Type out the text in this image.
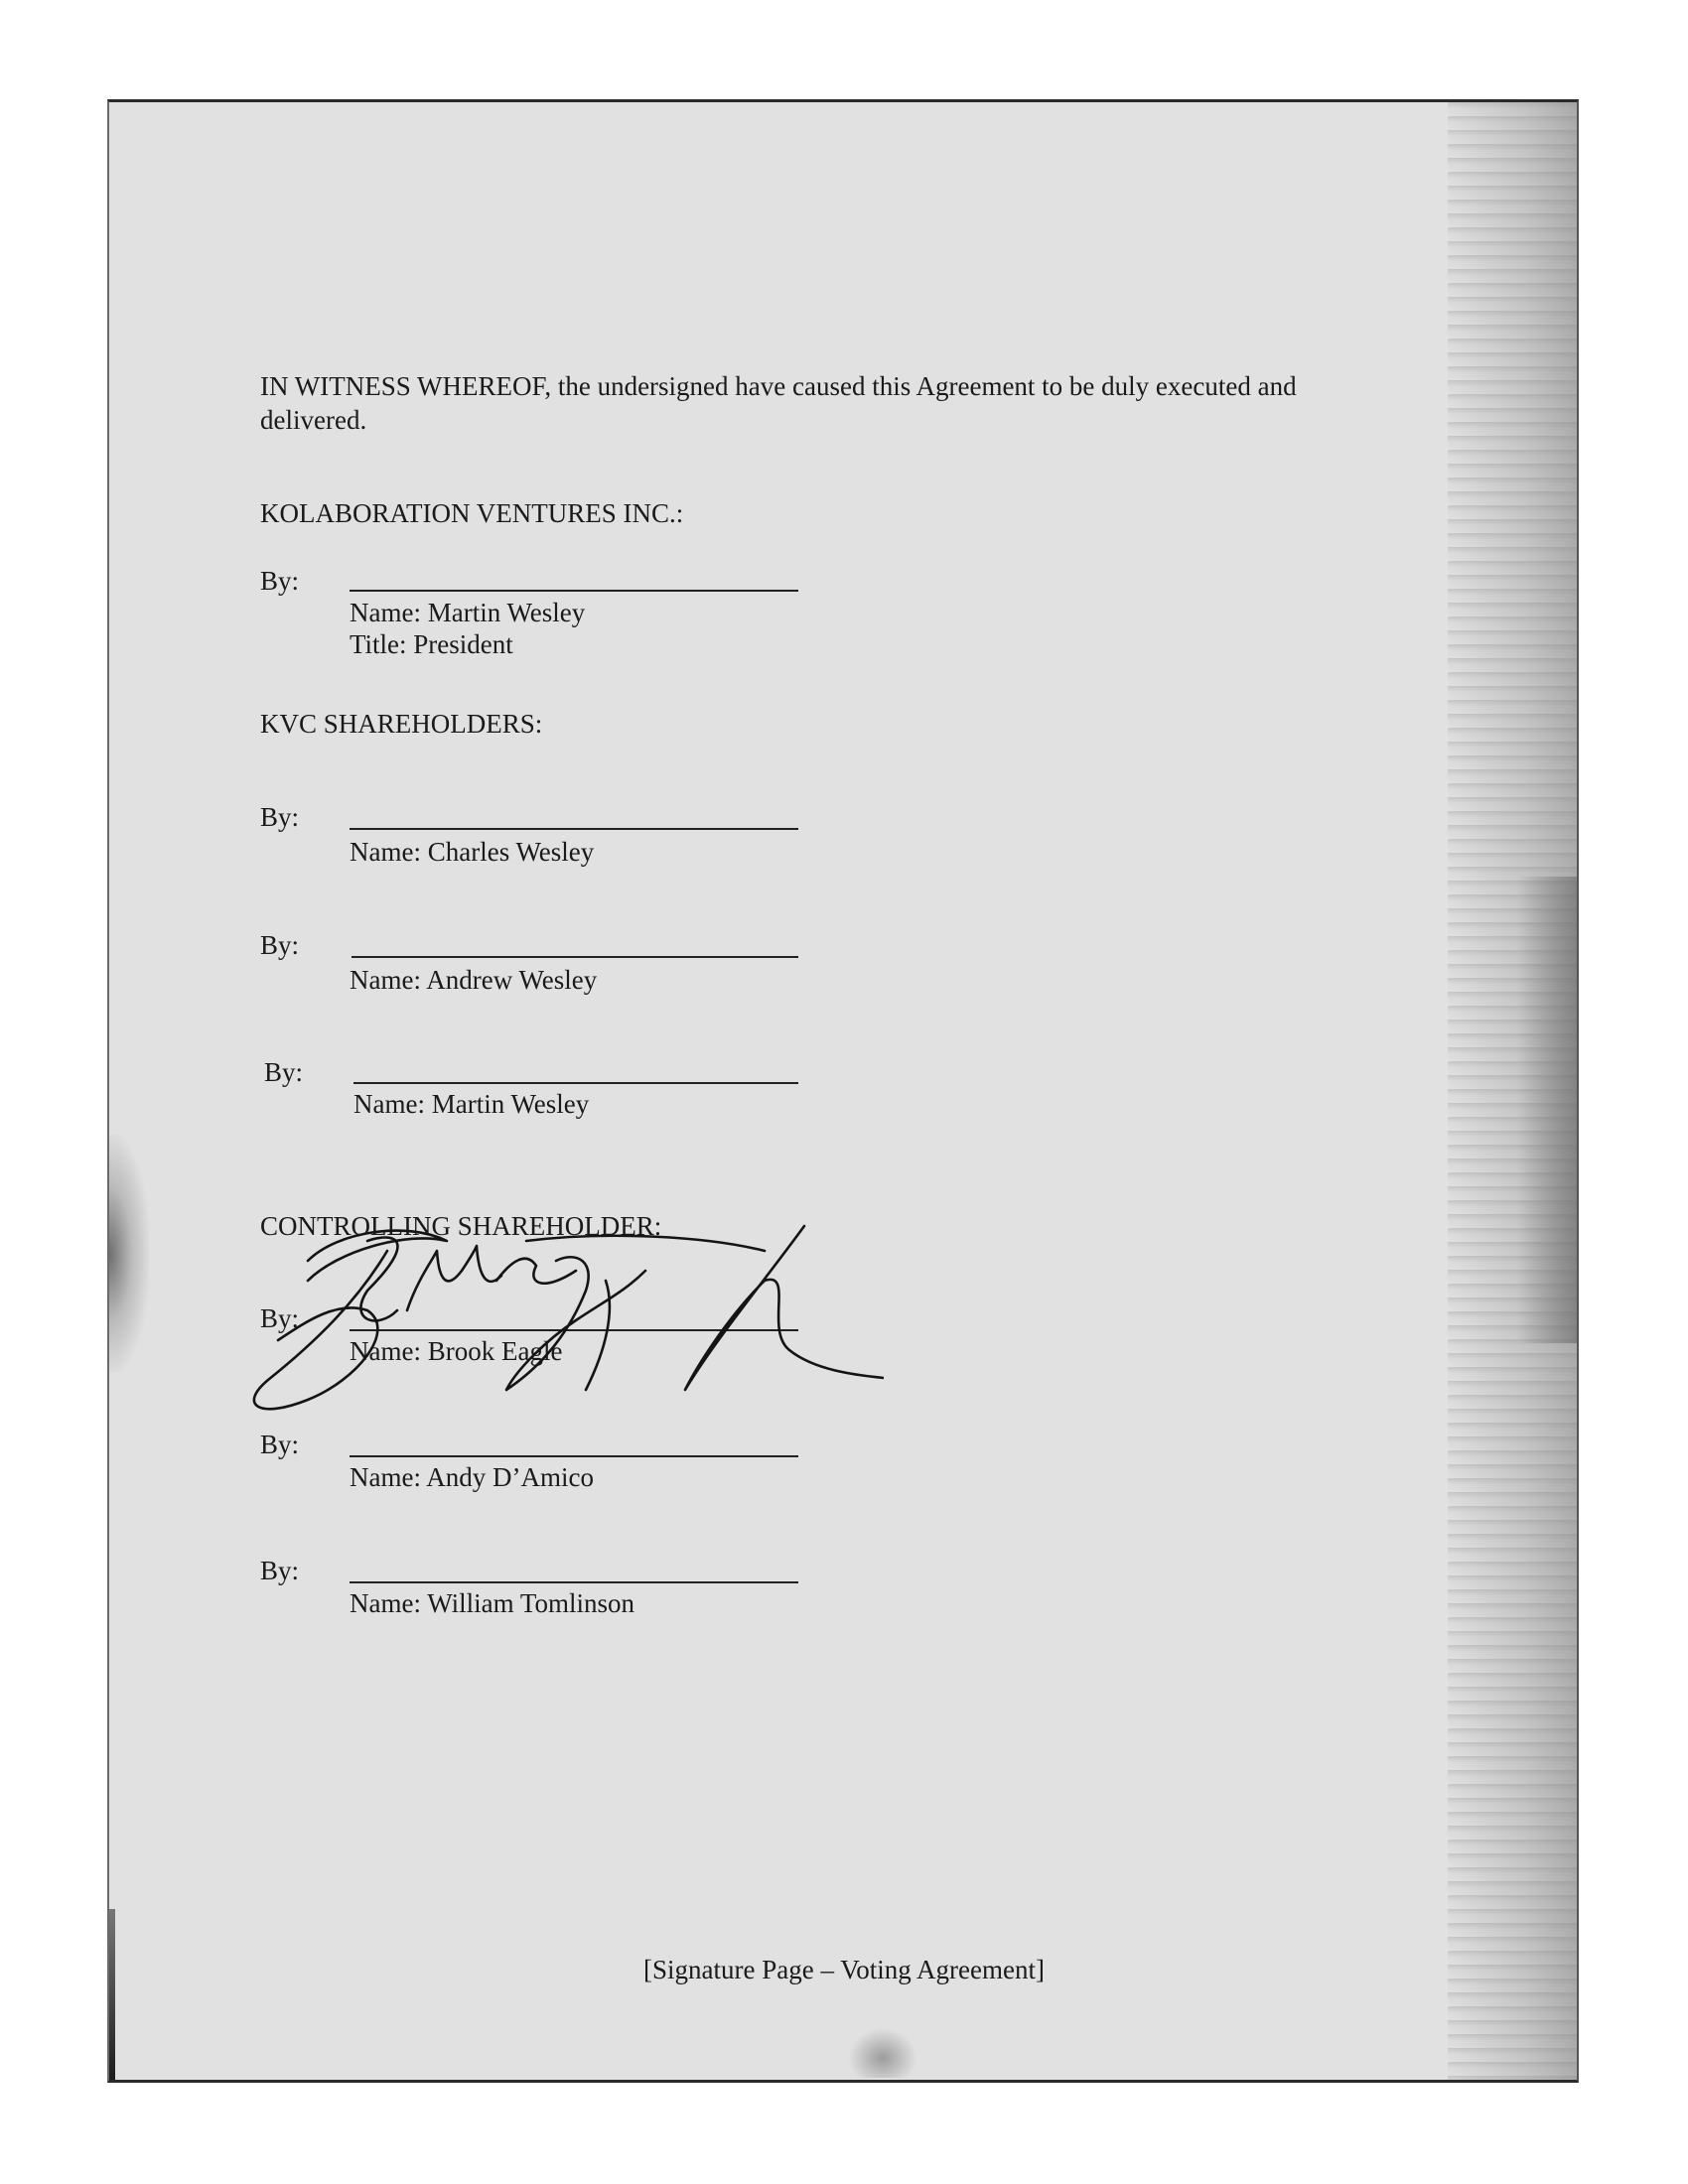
IN WITNESS WHEREOF, the undersigned have caused this Agreement to be duly executed and delivered.
KOLABORATION VENTURES INC.:
By:
Name: Martin Wesley
Title: President
KVC SHAREHOLDERS:
By:
Name: Charles Wesley
By:
Name: Andrew Wesley
By:
Name: Martin Wesley
CONTROLLING SHAREHOLDER:
By:
Name: Brook Eagle
By:
Name: Andy D’Amico
By:
Name: William Tomlinson
[Signature Page – Voting Agreement]
